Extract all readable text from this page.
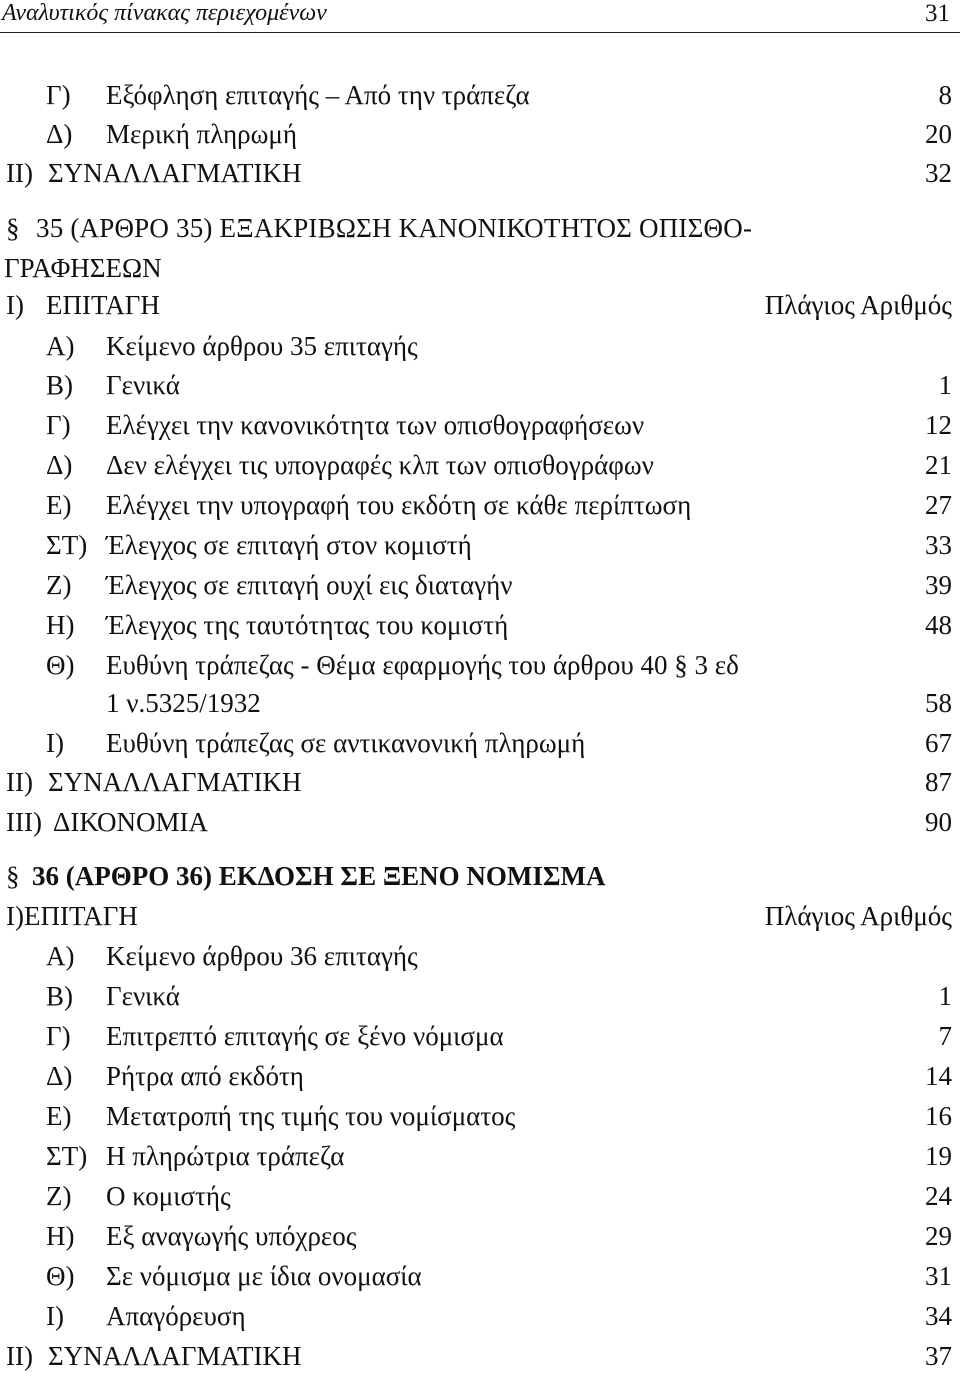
Αναλυτικός πίνακας περιεχομένων	31
Γ) Εξόφληση επιταγής – Από την τράπεζα	8
Δ) Μερική πληρωμή	20
ΙΙ) ΣΥΝΑΛΛΑΓΜΑΤΙΚΗ	32
§ 35 (ΑΡΘΡΟ 35) ΕΞΑΚΡΙΒΩΣΗ ΚΑΝΟΝΙΚΟΤΗΤΟΣ ΟΠΙΣΘΟ-
ΓΡΑΦΗΣΕΩΝ
Ι) ΕΠΙΤΑΓΗ	Πλάγιος Αριθμός
Α) Κείμενο άρθρου 35 επιταγής
Β) Γενικά	1
Γ) Ελέγχει την κανονικότητα των οπισθογραφήσεων	12
Δ) Δεν ελέγχει τις υπογραφές κλπ των οπισθογράφων	21
Ε) Ελέγχει την υπογραφή του εκδότη σε κάθε περίπτωση	27
ΣΤ) Έλεγχος σε επιταγή στον κομιστή	33
Ζ) Έλεγχος σε επιταγή ουχί εις διαταγήν	39
Η) Έλεγχος της ταυτότητας του κομιστή	48
Θ) Ευθύνη τράπεζας - Θέμα εφαρμογής του άρθρου 40 § 3 εδ
1 ν.5325/1932	58
Ι) Ευθύνη τράπεζας σε αντικανονική πληρωμή	67
ΙΙ) ΣΥΝΑΛΛΑΓΜΑΤΙΚΗ	87
ΙΙΙ) ΔΙΚΟΝΟΜΙΑ	90
§ 36 (ΑΡΘΡΟ 36) ΕΚΔΟΣΗ ΣΕ ΞΕΝΟ ΝΟΜΙΣΜΑ
Ι)ΕΠΙΤΑΓΗ	Πλάγιος Αριθμός
Α) Κείμενο άρθρου 36 επιταγής
Β) Γενικά	1
Γ) Επιτρεπτό επιταγής σε ξένο νόμισμα	7
Δ) Ρήτρα από εκδότη	14
Ε) Μετατροπή της τιμής του νομίσματος	16
ΣΤ) Η πληρώτρια τράπεζα	19
Ζ) Ο κομιστής	24
Η) Εξ αναγωγής υπόχρεος	29
Θ) Σε νόμισμα με ίδια ονομασία	31
Ι) Απαγόρευση	34
ΙΙ) ΣΥΝΑΛΛΑΓΜΑΤΙΚΗ	37
